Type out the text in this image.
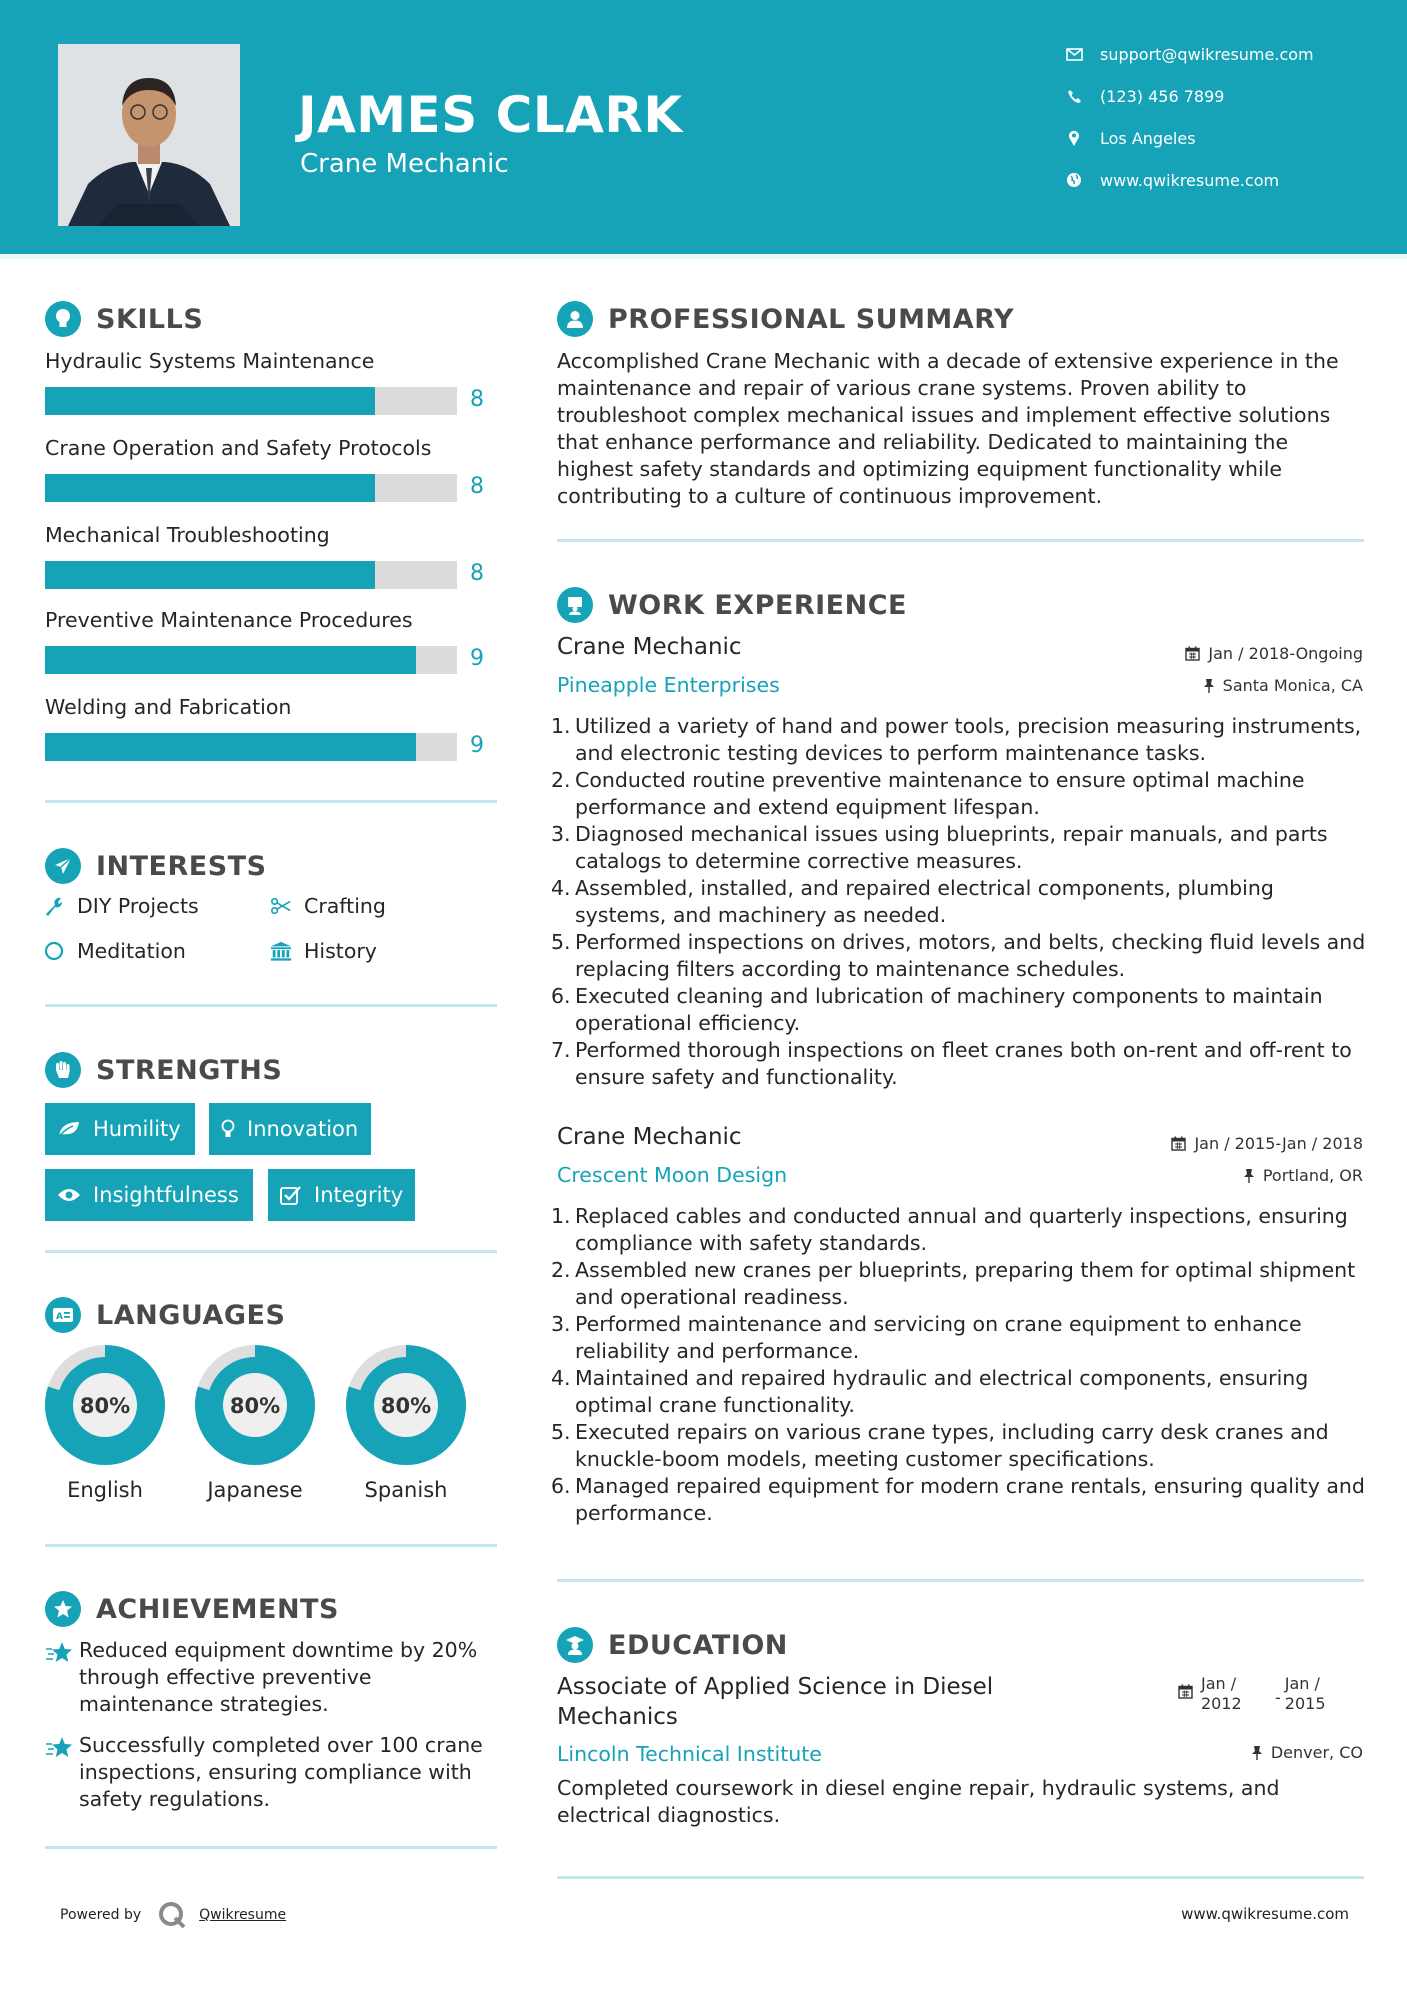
JAMES CLARK
Crane Mechanic
support@qwikresume.com
(123) 456 7899
Los Angeles
www.qwikresume.com
SKILLS
Hydraulic Systems Maintenance
8
Crane Operation and Safety Protocols
8
Mechanical Troubleshooting
8
Preventive Maintenance Procedures
9
Welding and Fabrication
9
INTERESTS
DIY Projects	Crafting
Meditation	History
STRENGTHS
Humility	Innovation
Insightfulness	Integrity
A LANGUAGES
80%	80%	80%
English	Japanese	Spanish
ACHIEVEMENTS
Reduced equipment downtime by 20% through effective preventive maintenance strategies.
Successfully completed over 100 crane inspections, ensuring compliance with safety regulations.
PROFESSIONAL SUMMARY
Accomplished Crane Mechanic with a decade of extensive experience in the maintenance and repair of various crane systems. Proven ability to troubleshoot complex mechanical issues and implement effective solutions that enhance performance and reliability. Dedicated to maintaining the highest safety standards and optimizing equipment functionality while contributing to a culture of continuous improvement.
WORK EXPERIENCE
Crane Mechanic
Pineapple Enterprises
Jan / 2018-Ongoing
Santa Monica, CA
1. Utilized a variety of hand and power tools, precision measuring instruments, and electronic testing devices to perform maintenance tasks.
2. Conducted routine preventive maintenance to ensure optimal machine performance and extend equipment lifespan.
3. Diagnosed mechanical issues using blueprints, repair manuals, and parts catalogs to determine corrective measures.
4. Assembled, installed, and repaired electrical components, plumbing systems, and machinery as needed.
5. Performed inspections on drives, motors, and belts, checking fluid levels and replacing filters according to maintenance schedules.
6. Executed cleaning and lubrication of machinery components to maintain operational efficiency.
7. Performed thorough inspections on fleet cranes both on-rent and off-rent to ensure safety and functionality.
Crane Mechanic
Crescent Moon Design
Jan / 2015-Jan / 2018
Portland, OR
1. Replaced cables and conducted annual and quarterly inspections, ensuring compliance with safety standards.
2. Assembled new cranes per blueprints, preparing them for optimal shipment and operational readiness.
3. Performed maintenance and servicing on crane equipment to enhance reliability and performance.
4. Maintained and repaired hydraulic and electrical components, ensuring optimal crane functionality.
5. Executed repairs on various crane types, including carry desk cranes and knuckle-boom models, meeting customer specifications.
6. Managed repaired equipment for modern crane rentals, ensuring quality and performance.
EDUCATION
Associate of Applied Science in Diesel Mechanics
Lincoln Technical Institute
Jan /
2012 -
Jan /
2015
Denver, CO
Completed coursework in diesel engine repair, hydraulic systems, and electrical diagnostics.
Powered by	Qwikresume	www.qwikresume.com
